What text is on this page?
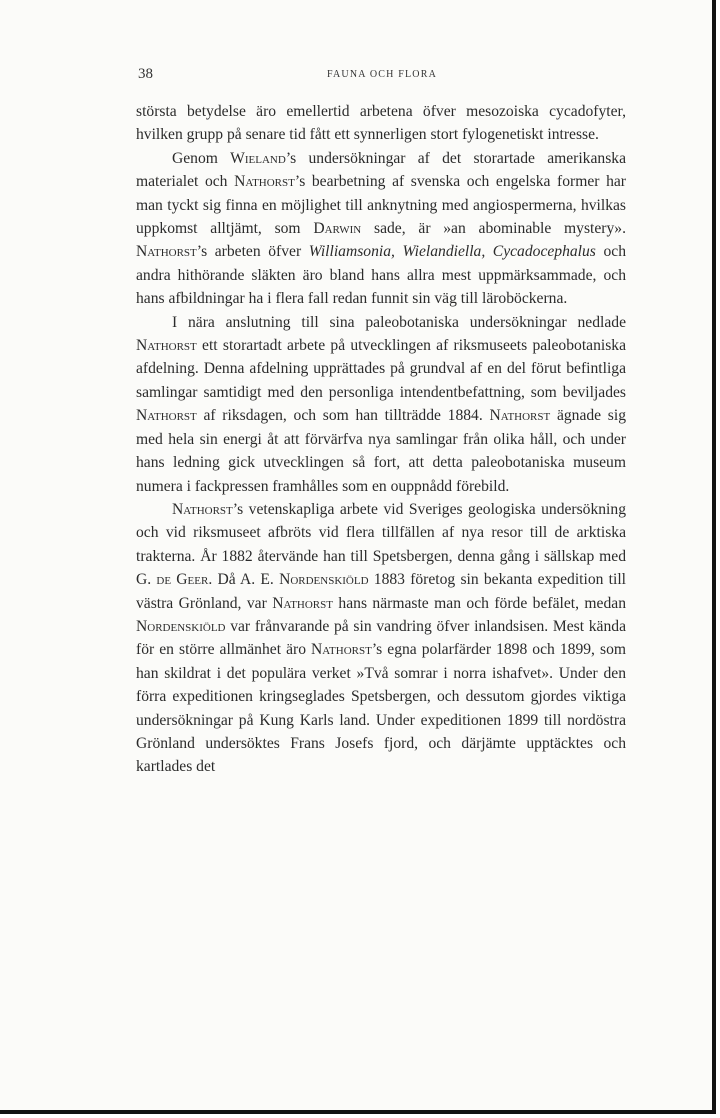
38	FAUNA OCH FLORA

största betydelse äro emellertid arbetena öfver mesozoiska cycadofyter, hvilken grupp på senare tid fått ett synnerligen stort fylogenetiskt intresse.

Genom Wieland’s undersökningar af det storartade amerikanska materialet och Nathorst’s bearbetning af svenska och engelska former har man tyckt sig finna en möjlighet till anknytning med angiospermerna, hvilkas uppkomst alltjämt, som Darwin sade, är »an abominable mystery». Nathorst’s arbeten öfver Williamsonia, Wielandiella, Cycadocephalus och andra hithörande släkten äro bland hans allra mest uppmärksammade, och hans afbildningar ha i flera fall redan funnit sin väg till läroböckerna.

I nära anslutning till sina paleobotaniska undersökningar nedlade Nathorst ett storartadt arbete på utvecklingen af riksmuseets paleobotaniska afdelning. Denna afdelning upprättades på grundval af en del förut befintliga samlingar samtidigt med den personliga intendentbefattning, som beviljades Nathorst af riksdagen, och som han tillträdde 1884. Nathorst ägnade sig med hela sin energi åt att förvärfva nya samlingar från olika håll, och under hans ledning gick utvecklingen så fort, att detta paleobotaniska museum numera i fackpressen framhålles som en ouppnådd förebild.

Nathorst’s vetenskapliga arbete vid Sveriges geologiska undersökning och vid riksmuseet afbröts vid flera tillfällen af nya resor till de arktiska trakterna. År 1882 återvände han till Spetsbergen, denna gång i sällskap med G. de Geer. Då A. E. Nordenskiöld 1883 företog sin bekanta expedition till västra Grönland, var Nathorst hans närmaste man och förde befälet, medan Nordenskiöld var frånvarande på sin vandring öfver inlandsisen. Mest kända för en större allmänhet äro Nathorst’s egna polarfärder 1898 och 1899, som han skildrat i det populära verket »Två somrar i norra ishafvet». Under den förra expeditionen kringseglades Spetsbergen, och dessutom gjordes viktiga undersökningar på Kung Karls land. Under expeditionen 1899 till nordöstra Grönland undersöktes Frans Josefs fjord, och därjämte upptäcktes och kartlades det
